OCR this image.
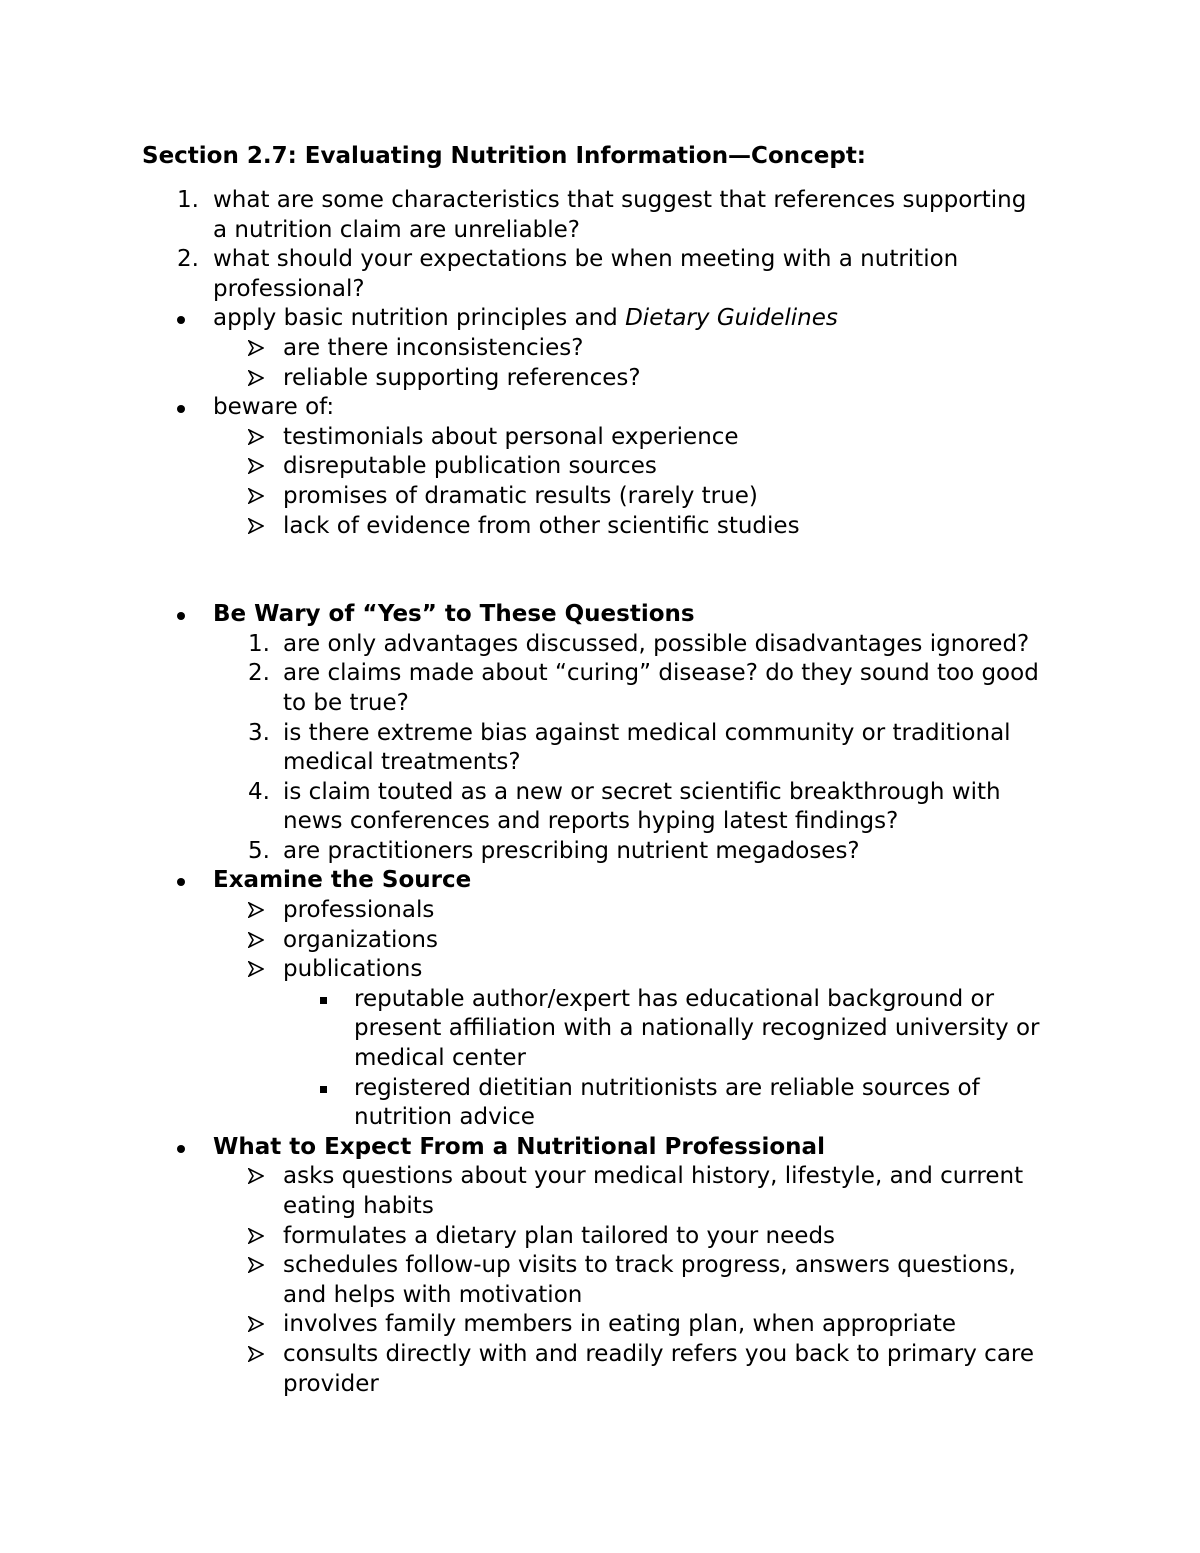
Section 2.7: Evaluating Nutrition Information—Concept:
1. what are some characteristics that suggest that references supporting
a nutrition claim are unreliable?
2. what should your expectations be when meeting with a nutrition
professional?
apply basic nutrition principles and Dietary Guidelines
are there inconsistencies?
reliable supporting references?
beware of:
testimonials about personal experience
disreputable publication sources
promises of dramatic results (rarely true)
lack of evidence from other scientific studies
Be Wary of “Yes” to These Questions
1. are only advantages discussed, possible disadvantages ignored?
2. are claims made about “curing” disease? do they sound too good
to be true?
3. is there extreme bias against medical community or traditional
medical treatments?
4. is claim touted as a new or secret scientific breakthrough with
news conferences and reports hyping latest findings?
5. are practitioners prescribing nutrient megadoses?
Examine the Source
professionals
organizations
publications
reputable author/expert has educational background or
present affiliation with a nationally recognized university or
medical center
registered dietitian nutritionists are reliable sources of
nutrition advice
What to Expect From a Nutritional Professional
asks questions about your medical history, lifestyle, and current
eating habits
formulates a dietary plan tailored to your needs
schedules follow-up visits to track progress, answers questions,
and helps with motivation
involves family members in eating plan, when appropriate
consults directly with and readily refers you back to primary care
provider
